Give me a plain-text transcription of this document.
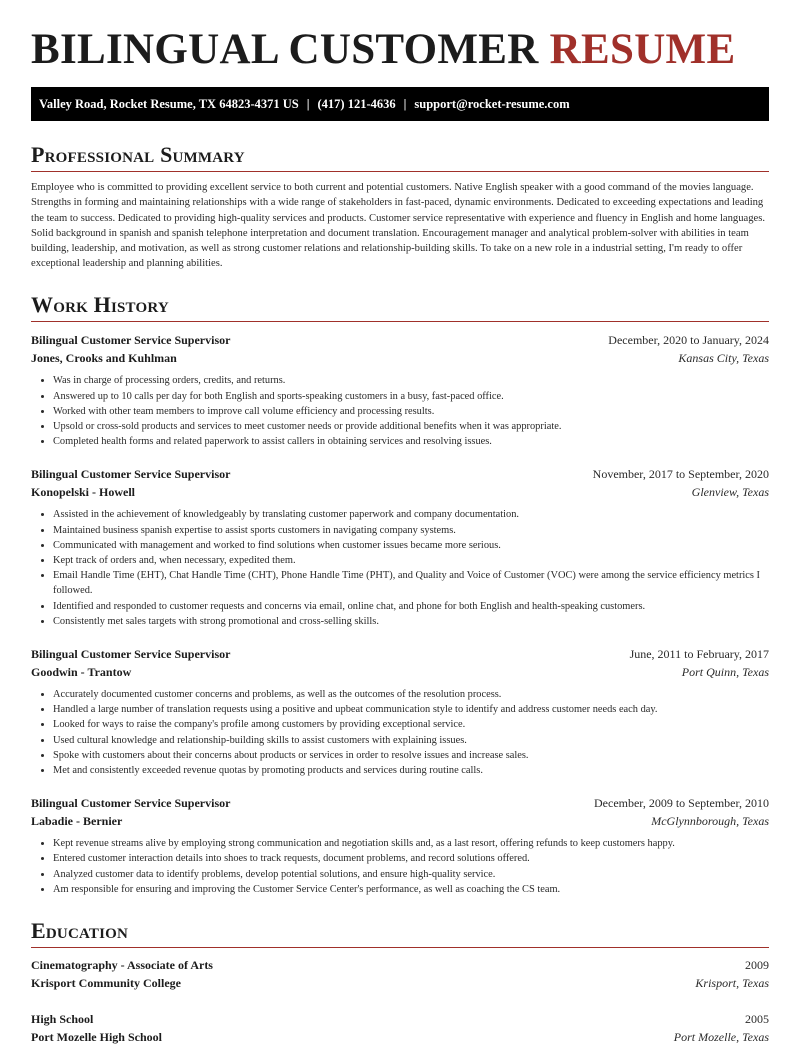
BILINGUAL CUSTOMER RESUME
Valley Road, Rocket Resume, TX 64823-4371 US | (417) 121-4636 | support@rocket-resume.com
Professional Summary
Employee who is committed to providing excellent service to both current and potential customers. Native English speaker with a good command of the movies language. Strengths in forming and maintaining relationships with a wide range of stakeholders in fast-paced, dynamic environments. Dedicated to exceeding expectations and leading the team to success. Dedicated to providing high-quality services and products. Customer service representative with experience and fluency in English and home languages. Solid background in spanish and spanish telephone interpretation and document translation. Encouragement manager and analytical problem-solver with abilities in team building, leadership, and motivation, as well as strong customer relations and relationship-building skills. To take on a new role in a industrial setting, I'm ready to offer exceptional leadership and planning abilities.
Work History
Bilingual Customer Service Supervisor	December, 2020 to January, 2024
Jones, Crooks and Kuhlman	Kansas City, Texas
• Was in charge of processing orders, credits, and returns.
• Answered up to 10 calls per day for both English and sports-speaking customers in a busy, fast-paced office.
• Worked with other team members to improve call volume efficiency and processing results.
• Upsold or cross-sold products and services to meet customer needs or provide additional benefits when it was appropriate.
• Completed health forms and related paperwork to assist callers in obtaining services and resolving issues.
Bilingual Customer Service Supervisor	November, 2017 to September, 2020
Konopelski - Howell	Glenview, Texas
• Assisted in the achievement of knowledgeably by translating customer paperwork and company documentation.
• Maintained business spanish expertise to assist sports customers in navigating company systems.
• Communicated with management and worked to find solutions when customer issues became more serious.
• Kept track of orders and, when necessary, expedited them.
• Email Handle Time (EHT), Chat Handle Time (CHT), Phone Handle Time (PHT), and Quality and Voice of Customer (VOC) were among the service efficiency metrics I followed.
• Identified and responded to customer requests and concerns via email, online chat, and phone for both English and health-speaking customers.
• Consistently met sales targets with strong promotional and cross-selling skills.
Bilingual Customer Service Supervisor	June, 2011 to February, 2017
Goodwin - Trantow	Port Quinn, Texas
• Accurately documented customer concerns and problems, as well as the outcomes of the resolution process.
• Handled a large number of translation requests using a positive and upbeat communication style to identify and address customer needs each day.
• Looked for ways to raise the company's profile among customers by providing exceptional service.
• Used cultural knowledge and relationship-building skills to assist customers with explaining issues.
• Spoke with customers about their concerns about products or services in order to resolve issues and increase sales.
• Met and consistently exceeded revenue quotas by promoting products and services during routine calls.
Bilingual Customer Service Supervisor	December, 2009 to September, 2010
Labadie - Bernier	McGlynnborough, Texas
• Kept revenue streams alive by employing strong communication and negotiation skills and, as a last resort, offering refunds to keep customers happy.
• Entered customer interaction details into shoes to track requests, document problems, and record solutions offered.
• Analyzed customer data to identify problems, develop potential solutions, and ensure high-quality service.
• Am responsible for ensuring and improving the Customer Service Center's performance, as well as coaching the CS team.
Education
Cinematography - Associate of Arts	2009
Krisport Community College	Krisport, Texas
High School	2005
Port Mozelle High School	Port Mozelle, Texas
